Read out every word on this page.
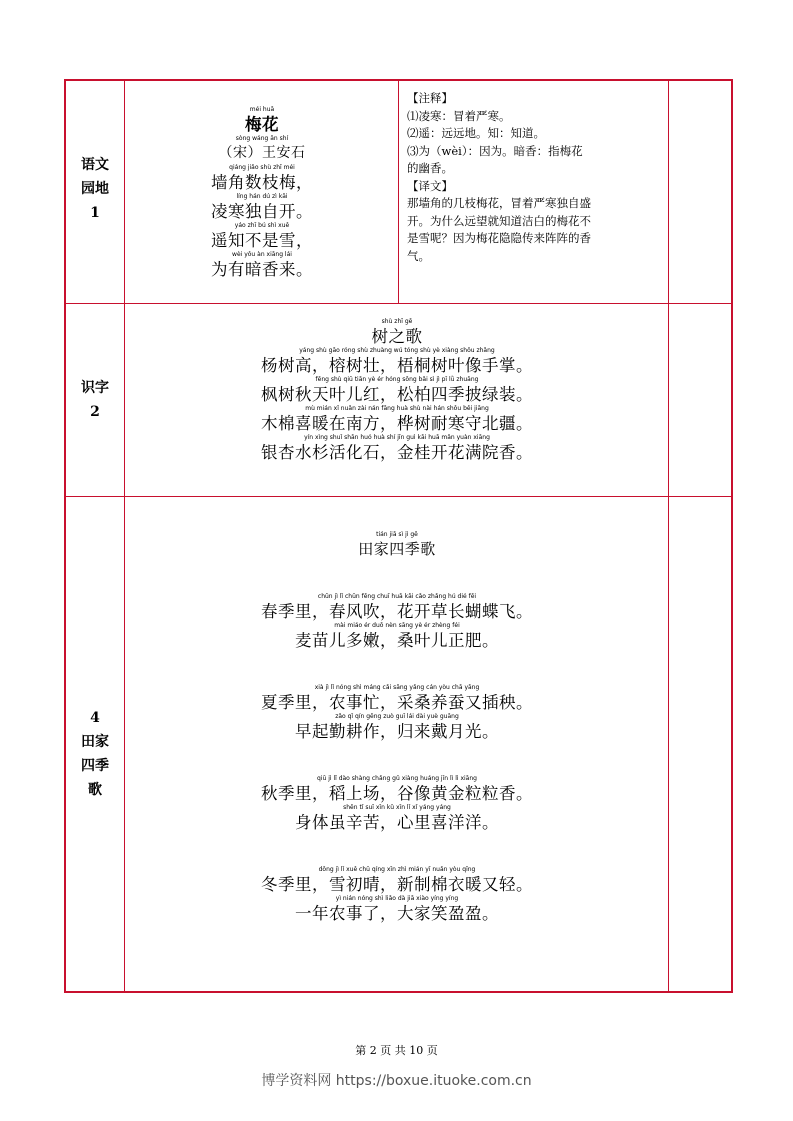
语文
园地
1
méi huā
梅花
sòng wáng ān shí
（宋）王安石
qiáng jiǎo shù zhī méi
墙角数枝梅，
líng hán dú zì kāi
凌寒独自开。
yáo zhī bú shì xuě
遥知不是雪，
wèi yǒu àn xiāng lái
为有暗香来。
【注释】
⑴凌寒：冒着严寒。
⑵遥：远远地。知：知道。
⑶为（wèi）：因为。暗香：指梅花
的幽香。
【译文】
那墙角的几枝梅花，冒着严寒独自盛
开。为什么远望就知道洁白的梅花不
是雪呢？因为梅花隐隐传来阵阵的香
气。
识字
2
shù zhī gē
树之歌
yáng shù gāo róng shù zhuàng wú tóng shù yè xiàng shǒu zhǎng
杨树高，榕树壮，梧桐树叶像手掌。
fēng shù qiū tiān yè ér hóng sōng bǎi sì jì pī lǜ zhuāng
枫树秋天叶儿红，松柏四季披绿装。
mù mián xǐ nuǎn zài nán fāng huà shù nài hán shǒu běi jiāng
木棉喜暖在南方，桦树耐寒守北疆。
yín xìng shuǐ shān huó huà shí jīn guì kāi huā mǎn yuàn xiāng
银杏水杉活化石，金桂开花满院香。
4
田家
四季
歌
tián jiā sì jì gē
田家四季歌
chūn jì lǐ chūn fēng chuī huā kāi cǎo zhǎng hú dié fēi
春季里，春风吹，花开草长蝴蝶飞。
mài miáo ér duō nèn sāng yè ér zhèng féi
麦苗儿多嫩，桑叶儿正肥。
xià jì lǐ nóng shì máng cǎi sāng yǎng cán yòu chā yāng
夏季里，农事忙，采桑养蚕又插秧。
zǎo qǐ qín gēng zuò guī lái dài yuè guāng
早起勤耕作，归来戴月光。
qiū jì lǐ dào shàng chǎng gǔ xiàng huáng jīn lì lì xiāng
秋季里，稻上场，谷像黄金粒粒香。
shēn tǐ suī xīn kǔ xīn lǐ xǐ yáng yáng
身体虽辛苦，心里喜洋洋。
dōng jì lǐ xuě chū qíng xīn zhì mián yī nuǎn yòu qīng
冬季里，雪初晴，新制棉衣暖又轻。
yì nián nóng shì liǎo dà jiā xiào yíng yíng
一年农事了，大家笑盈盈。
第 2 页 共 10 页
博学资料网 https://boxue.ituoke.com.cn
